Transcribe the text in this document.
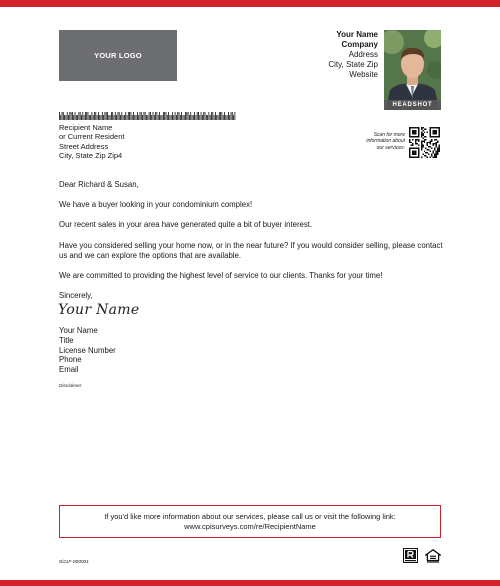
YOUR LOGO
Your Name
Company
Address
City, State Zip
Website
HEADSHOT
Recipient Name
or Current Resident
Street Address
City, State Zip Zip4
Scan for more
information about
our services:

Dear Richard & Susan,

We have a buyer looking in your condominium complex!

Our recent sales in your area have generated quite a bit of buyer interest.

Have you considered selling your home now, or in the near future? If you would consider selling, please contact us and we can explore the options that are available.

We are committed to providing the highest level of service to our clients. Thanks for your time!

Sincerely,

Your Name
Your Name
Title
License Number
Phone
Email
Disclaimer
If you'd like more information about our services, please call us or visit the following link:
www.cpisurveys.com/re/RecipientName
9/21F-000001
